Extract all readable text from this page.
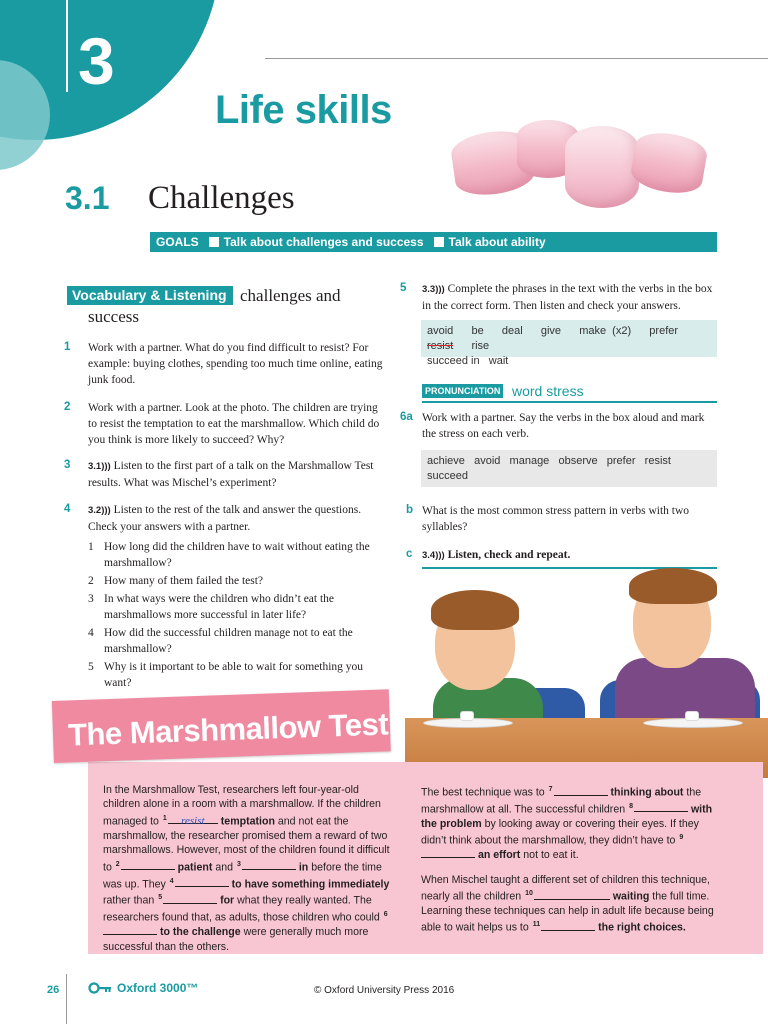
3
Life skills
3.1 Challenges
GOALS Talk about challenges and success Talk about ability
Vocabulary & Listening challenges and
success
1 Work with a partner. What do you find difficult to resist? For example: buying clothes, spending too much time online, eating junk food.
2 Work with a partner. Look at the photo. The children are trying to resist the temptation to eat the marshmallow. Which child do you think is more likely to succeed? Why?
3 3.1))) Listen to the first part of a talk on the Marshmallow Test results. What was Mischel’s experiment?
4 3.2))) Listen to the rest of the talk and answer the questions. Check your answers with a partner.
1 How long did the children have to wait without eating the marshmallow?
2 How many of them failed the test?
3 In what ways were the children who didn’t eat the marshmallows more successful in later life?
4 How did the successful children manage not to eat the marshmallow?
5 Why is it important to be able to wait for something you want?
5 3.3))) Complete the phrases in the text with the verbs in the box in the correct form. Then listen and check your answers.
avoid be deal give make (x2) prefer   resist rise
succeed in   wait
PRONUNCIATION word stress
6a Work with a partner. Say the verbs in the box aloud and mark the stress on each verb.
achieve   avoid   manage   observe   prefer   resist
succeed
b What is the most common stress pattern in verbs with two syllables?
c 3.4))) Listen, check and repeat.
The Marshmallow Test
In the Marshmallow Test, researchers left four-year-old children alone in a room with a marshmallow. If the children managed to $^1$ resist temptation and not eat the marshmallow, the researcher promised them a reward of two marshmallows. However, most of the children found it difficult to $^2$	patient and $^3$	in before the time was up. They $^4$	to have something immediately rather than $^5$	for what they really wanted. The researchers found that, as adults, those children who could $^6$ to the challenge were generally much more successful than the others.
The best technique was to $^7$	thinking about the marshmallow at all. The successful children $^8$	with the problem by looking away or covering their eyes. If they didn’t think about the marshmallow, they didn’t have to $^9$ an effort not to eat it.
When Mischel taught a different set of children this technique, nearly all the children $^{10}$	waiting the full time. Learning these techniques can help in adult life because being able to wait helps us to $^{11}$	the right choices.
26	Oxford 3000™	© Oxford University Press 2016
